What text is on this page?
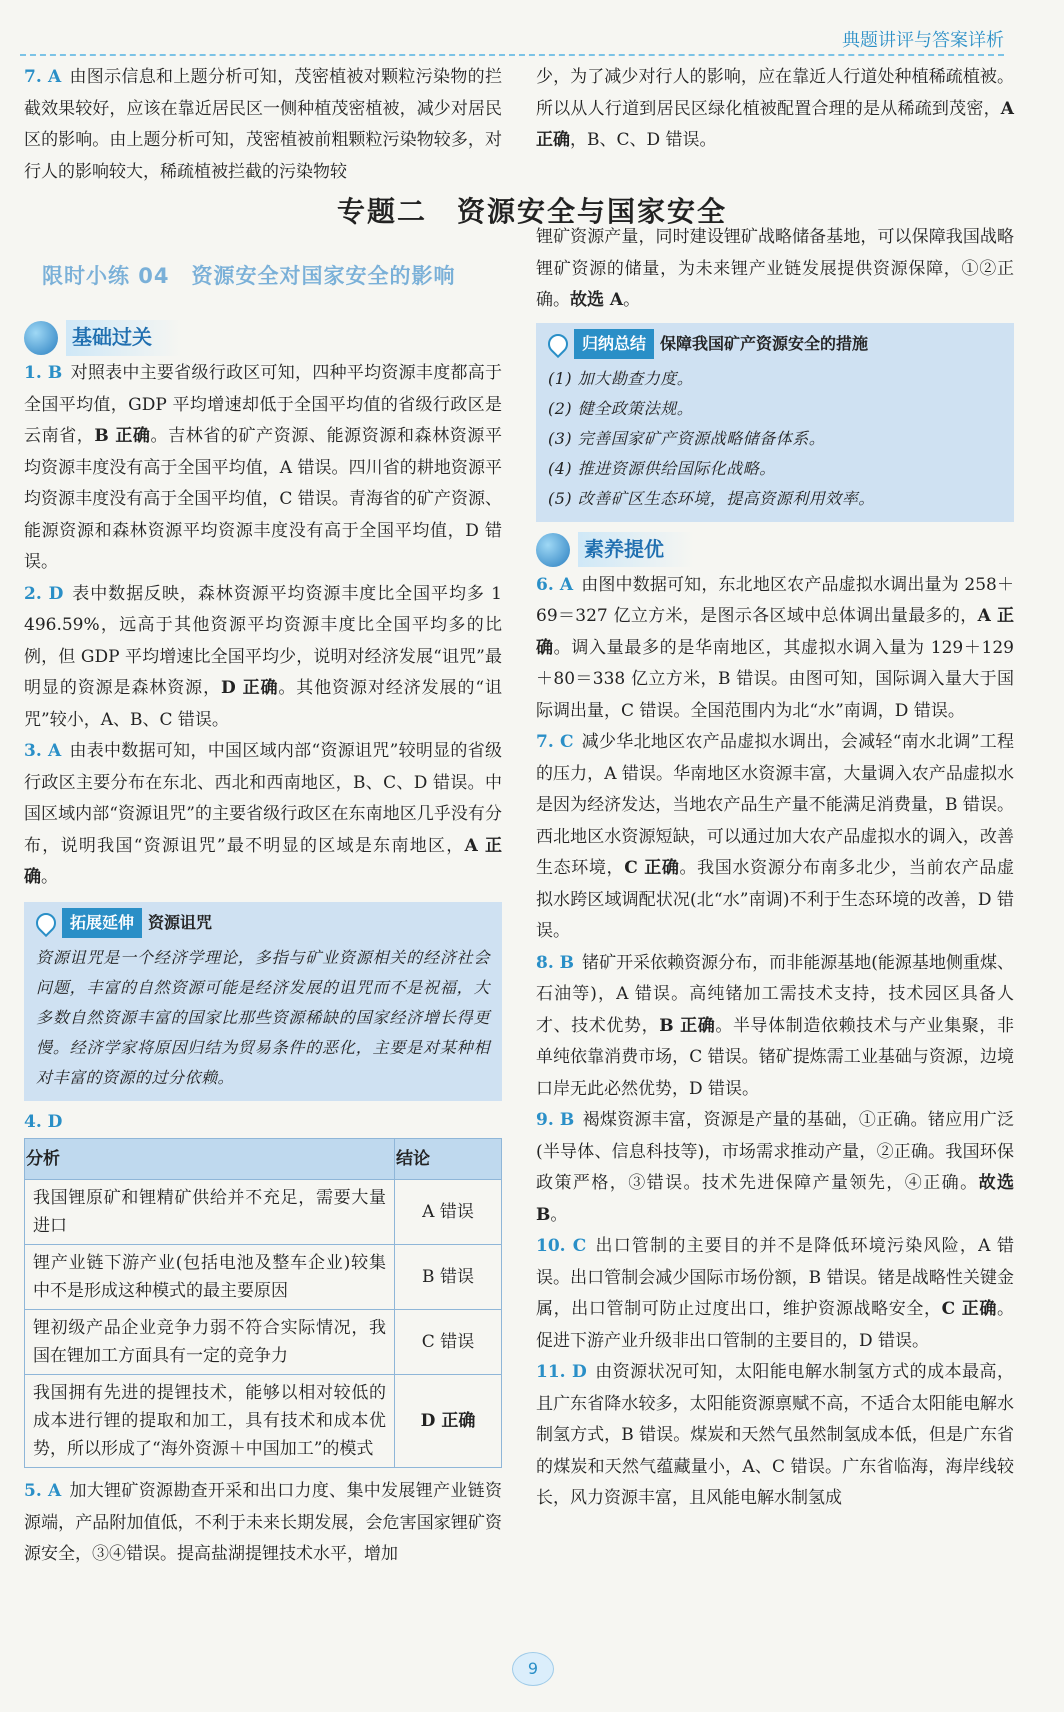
典题讲评与答案详析

7. A 由图示信息和上题分析可知，茂密植被对颗粒污染物的拦截效果较好，应该在靠近居民区一侧种植茂密植被，减少对居民区的影响。由上题分析可知，茂密植被前粗颗粒污染物较多，对行人的影响较大，稀疏植被拦截的污染物较

少，为了减少对行人的影响，应在靠近人行道处种植稀疏植被。所以从人行道到居民区绿化植被配置合理的是从稀疏到茂密，A 正确，B、C、D 错误。

专题二　资源安全与国家安全
限时小练 04　资源安全对国家安全的影响
基础过关

1. B 对照表中主要省级行政区可知，四种平均资源丰度都高于全国平均值，GDP 平均增速却低于全国平均值的省级行政区是云南省，B 正确。吉林省的矿产资源、能源资源和森林资源平均资源丰度没有高于全国平均值，A 错误。四川省的耕地资源平均资源丰度没有高于全国平均值，C 错误。青海省的矿产资源、能源资源和森林资源平均资源丰度没有高于全国平均值，D 错误。

2. D 表中数据反映，森林资源平均资源丰度比全国平均多 1 496.59%，远高于其他资源平均资源丰度比全国平均多的比例，但 GDP 平均增速比全国平均少，说明对经济发展“诅咒”最明显的资源是森林资源，D 正确。其他资源对经济发展的“诅咒”较小，A、B、C 错误。

3. A 由表中数据可知，中国区域内部“资源诅咒”较明显的省级行政区主要分布在东北、西北和西南地区，B、C、D 错误。中国区域内部“资源诅咒”的主要省级行政区在东南地区几乎没有分布，说明我国“资源诅咒”最不明显的区域是东南地区，A 正确。

拓展延伸 资源诅咒
资源诅咒是一个经济学理论，多指与矿业资源相关的经济社会问题，丰富的自然资源可能是经济发展的诅咒而不是祝福，大多数自然资源丰富的国家比那些资源稀缺的国家经济增长得更慢。经济学家将原因归结为贸易条件的恶化，主要是对某种相对丰富的资源的过分依赖。

4. D

分析	结论
我国锂原矿和锂精矿供给并不充足，需要大量进口	A 错误
锂产业链下游产业(包括电池及整车企业)较集中不是形成这种模式的最主要原因	B 错误
锂初级产品企业竞争力弱不符合实际情况，我国在锂加工方面具有一定的竞争力	C 错误
我国拥有先进的提锂技术，能够以相对较低的成本进行锂的提取和加工，具有技术和成本优势，所以形成了“海外资源＋中国加工”的模式	D 正确

5. A 加大锂矿资源勘查开采和出口力度、集中发展锂产业链资源端，产品附加值低，不利于未来长期发展，会危害国家锂矿资源安全，③④错误。提高盐湖提锂技术水平，增加

锂矿资源产量，同时建设锂矿战略储备基地，可以保障我国战略锂矿资源的储量，为未来锂产业链发展提供资源保障，①②正确。故选 A。

归纳总结 保障我国矿产资源安全的措施
(1) 加大勘查力度。
(2) 健全政策法规。
(3) 完善国家矿产资源战略储备体系。
(4) 推进资源供给国际化战略。
(5) 改善矿区生态环境，提高资源利用效率。
素养提优

6. A 由图中数据可知，东北地区农产品虚拟水调出量为 258＋69＝327 亿立方米，是图示各区域中总体调出量最多的，A 正确。调入量最多的是华南地区，其虚拟水调入量为 129＋129＋80＝338 亿立方米，B 错误。由图可知，国际调入量大于国际调出量，C 错误。全国范围内为北“水”南调，D 错误。

7. C 减少华北地区农产品虚拟水调出，会减轻“南水北调”工程的压力，A 错误。华南地区水资源丰富，大量调入农产品虚拟水是因为经济发达，当地农产品生产量不能满足消费量，B 错误。西北地区水资源短缺，可以通过加大农产品虚拟水的调入，改善生态环境，C 正确。我国水资源分布南多北少，当前农产品虚拟水跨区域调配状况(北“水”南调)不利于生态环境的改善，D 错误。

8. B 锗矿开采依赖资源分布，而非能源基地(能源基地侧重煤、石油等)，A 错误。高纯锗加工需技术支持，技术园区具备人才、技术优势，B 正确。半导体制造依赖技术与产业集聚，非单纯依靠消费市场，C 错误。锗矿提炼需工业基础与资源，边境口岸无此必然优势，D 错误。

9. B 褐煤资源丰富，资源是产量的基础，①正确。锗应用广泛(半导体、信息科技等)，市场需求推动产量，②正确。我国环保政策严格，③错误。技术先进保障产量领先，④正确。故选 B。

10. C 出口管制的主要目的并不是降低环境污染风险，A 错误。出口管制会减少国际市场份额，B 错误。锗是战略性关键金属，出口管制可防止过度出口，维护资源战略安全，C 正确。促进下游产业升级非出口管制的主要目的，D 错误。

11. D 由资源状况可知，太阳能电解水制氢方式的成本最高，且广东省降水较多，太阳能资源禀赋不高，不适合太阳能电解水制氢方式，B 错误。煤炭和天然气虽然制氢成本低，但是广东省的煤炭和天然气蕴藏量小，A、C 错误。广东省临海，海岸线较长，风力资源丰富，且风能电解水制氢成

9
